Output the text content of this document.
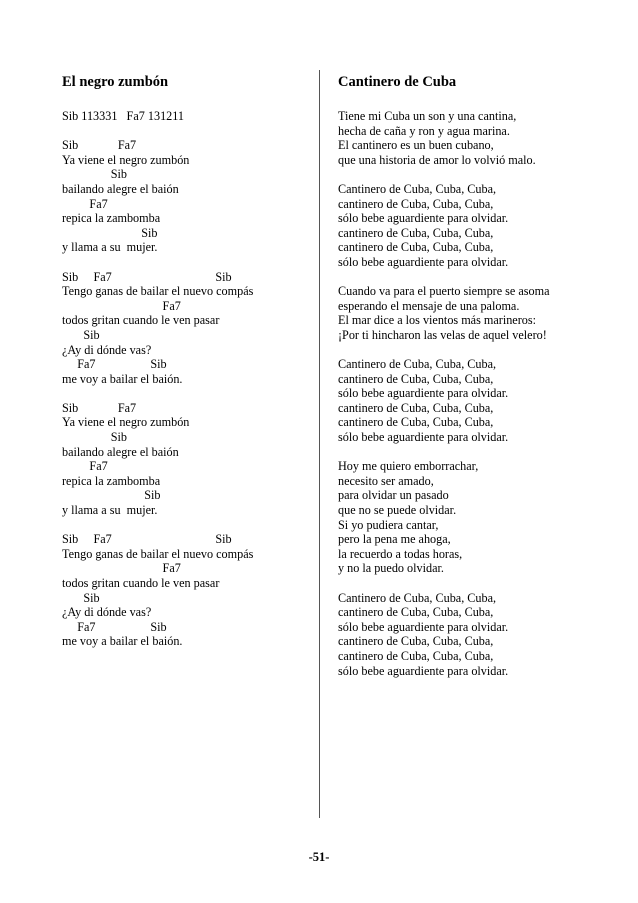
El negro zumbón
Sib 113331   Fa7 131211
Sib             Fa7
Ya viene el negro zumbón
Sib
bailando alegre el baión
Fa7
repica la zambomba
Sib
y llama a su  mujer.
Sib     Fa7                                  Sib
Tengo ganas de bailar el nuevo compás
Fa7
todos gritan cuando le ven pasar
Sib
¿Ay di dónde vas?
Fa7                  Sib
me voy a bailar el baión.
Sib             Fa7
Ya viene el negro zumbón
Sib
bailando alegre el baión
Fa7
repica la zambomba
Sib
y llama a su  mujer.
Sib     Fa7                                  Sib
Tengo ganas de bailar el nuevo compás
Fa7
todos gritan cuando le ven pasar
Sib
¿Ay di dónde vas?
Fa7                  Sib
me voy a bailar el baión.
Cantinero de Cuba
Tiene mi Cuba un son y una cantina,
hecha de caña y ron y agua marina.
El cantinero es un buen cubano,
que una historia de amor lo volvió malo.
Cantinero de Cuba, Cuba, Cuba,
cantinero de Cuba, Cuba, Cuba,
sólo bebe aguardiente para olvidar.
cantinero de Cuba, Cuba, Cuba,
cantinero de Cuba, Cuba, Cuba,
sólo bebe aguardiente para olvidar.
Cuando va para el puerto siempre se asoma
esperando el mensaje de una paloma.
El mar dice a los vientos más marineros:
¡Por ti hincharon las velas de aquel velero!
Cantinero de Cuba, Cuba, Cuba,
cantinero de Cuba, Cuba, Cuba,
sólo bebe aguardiente para olvidar.
cantinero de Cuba, Cuba, Cuba,
cantinero de Cuba, Cuba, Cuba,
sólo bebe aguardiente para olvidar.
Hoy me quiero emborrachar,
necesito ser amado,
para olvidar un pasado
que no se puede olvidar.
Si yo pudiera cantar,
pero la pena me ahoga,
la recuerdo a todas horas,
y no la puedo olvidar.
Cantinero de Cuba, Cuba, Cuba,
cantinero de Cuba, Cuba, Cuba,
sólo bebe aguardiente para olvidar.
cantinero de Cuba, Cuba, Cuba,
cantinero de Cuba, Cuba, Cuba,
sólo bebe aguardiente para olvidar.
-51-
